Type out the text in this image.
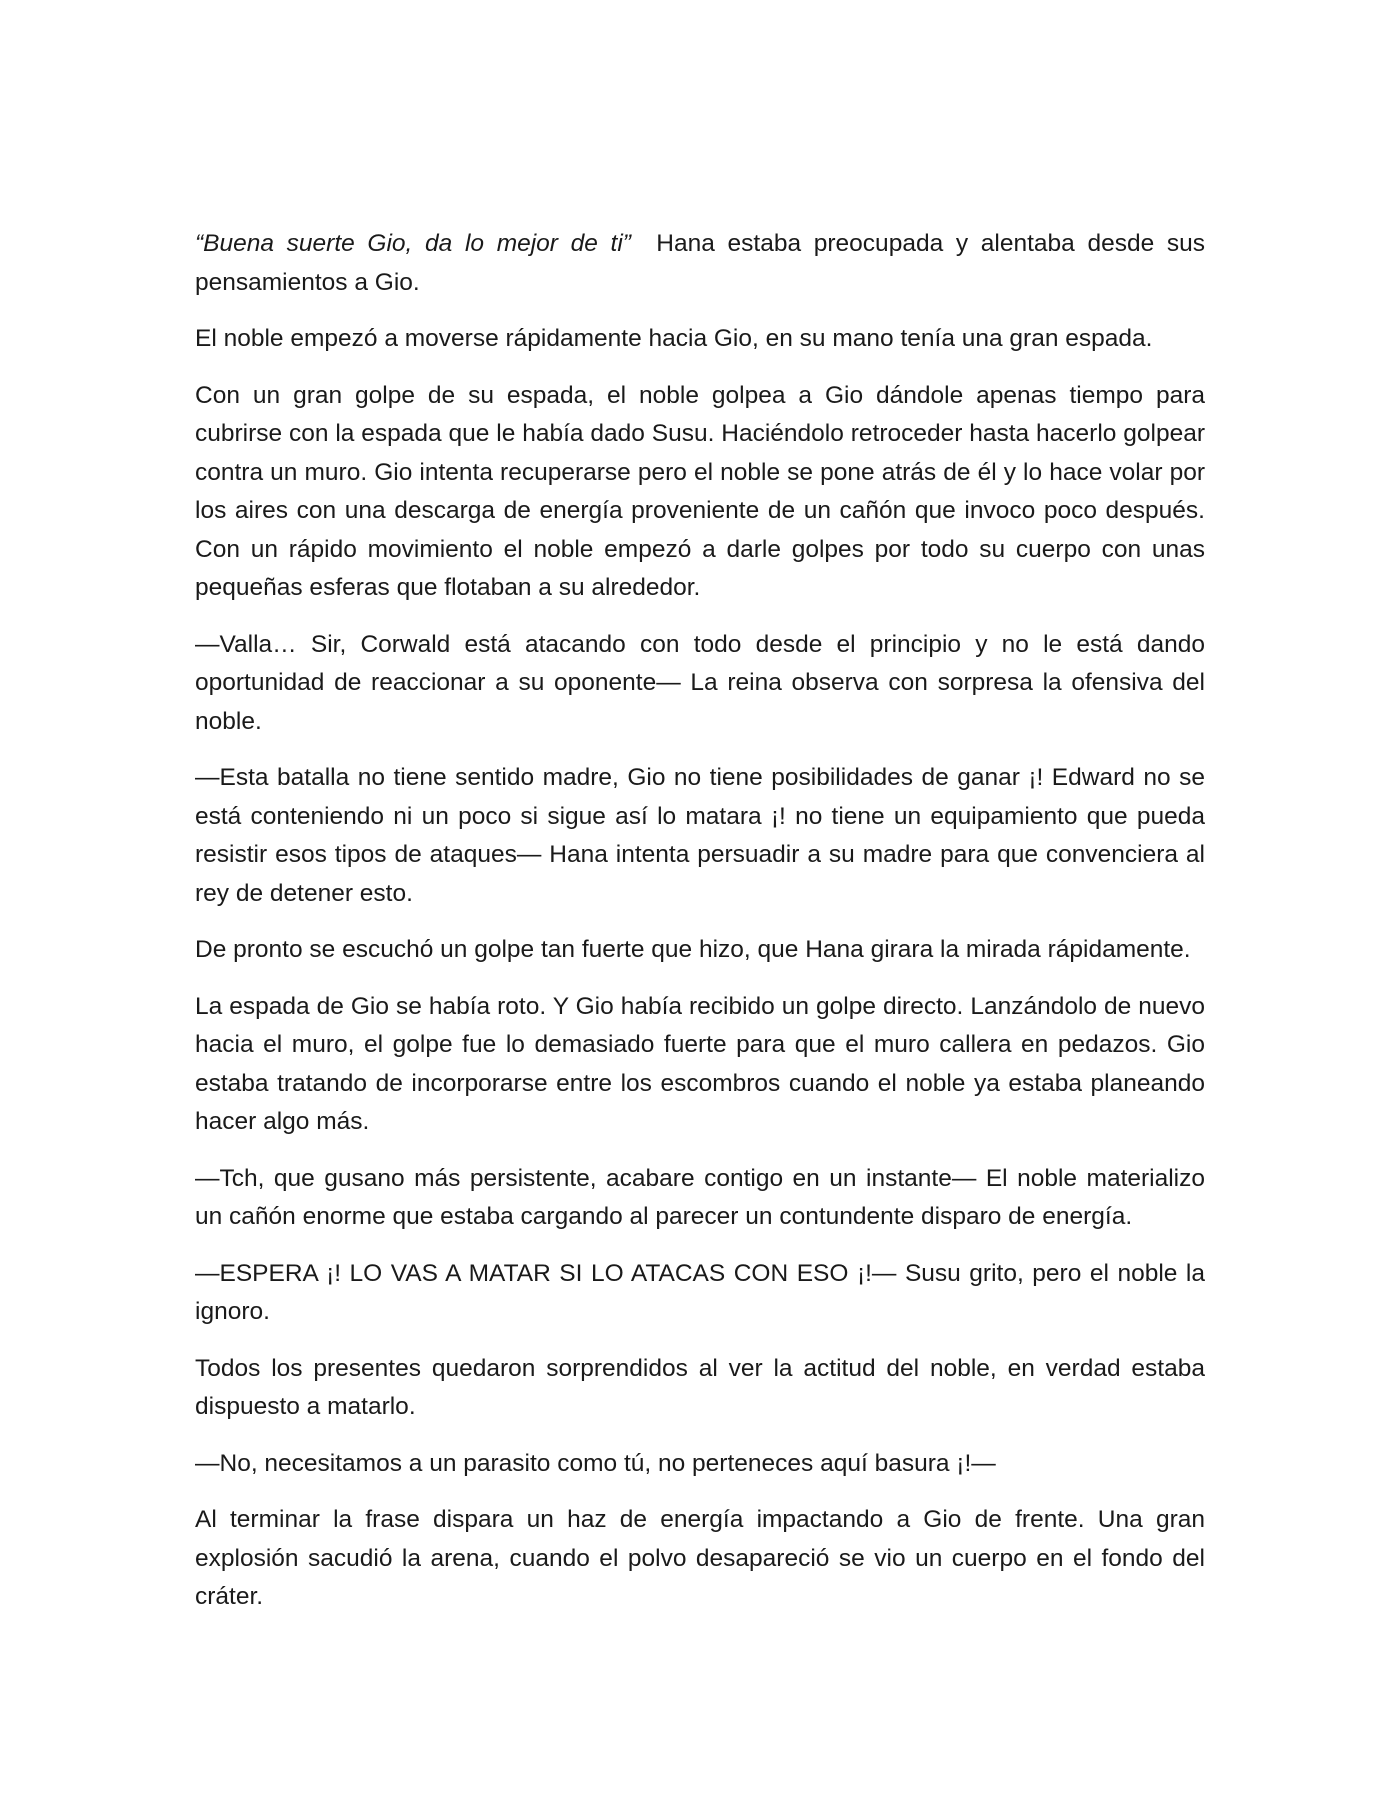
“Buena suerte Gio, da lo mejor de ti”  Hana estaba preocupada y alentaba desde sus pensamientos a Gio.

El noble empezó a moverse rápidamente hacia Gio, en su mano tenía una gran espada.

Con un gran golpe de su espada, el noble golpea a Gio dándole apenas tiempo para cubrirse con la espada que le había dado Susu. Haciéndolo retroceder hasta hacerlo golpear contra un muro. Gio intenta recuperarse pero el noble se pone atrás de él y lo hace volar por los aires con una descarga de energía proveniente de un cañón que invoco poco después. Con un rápido movimiento el noble empezó a darle golpes por todo su cuerpo con unas pequeñas esferas que flotaban a su alrededor.

—Valla… Sir, Corwald está atacando con todo desde el principio y no le está dando oportunidad de reaccionar a su oponente— La reina observa con sorpresa la ofensiva del noble.

—Esta batalla no tiene sentido madre, Gio no tiene posibilidades de ganar ¡! Edward no se está conteniendo ni un poco si sigue así lo matara ¡! no tiene un equipamiento que pueda resistir esos tipos de ataques— Hana intenta persuadir a su madre para que convenciera al rey de detener esto.

De pronto se escuchó un golpe tan fuerte que hizo, que Hana girara la mirada rápidamente.

La espada de Gio se había roto. Y Gio había recibido un golpe directo. Lanzándolo de nuevo hacia el muro, el golpe fue lo demasiado fuerte para que el muro callera en pedazos. Gio estaba tratando de incorporarse entre los escombros cuando el noble ya estaba planeando hacer algo más.

—Tch, que gusano más persistente, acabare contigo en un instante— El noble materializo un cañón enorme que estaba cargando al parecer un contundente disparo de energía.

—ESPERA ¡! LO VAS A MATAR SI LO ATACAS CON ESO ¡!— Susu grito, pero el noble la ignoro.

Todos los presentes quedaron sorprendidos al ver la actitud del noble, en verdad estaba dispuesto a matarlo.

—No, necesitamos a un parasito como tú, no perteneces aquí basura ¡!—

Al terminar la frase dispara un haz de energía impactando a Gio de frente. Una gran explosión sacudió la arena, cuando el polvo desapareció se vio un cuerpo en el fondo del cráter.
